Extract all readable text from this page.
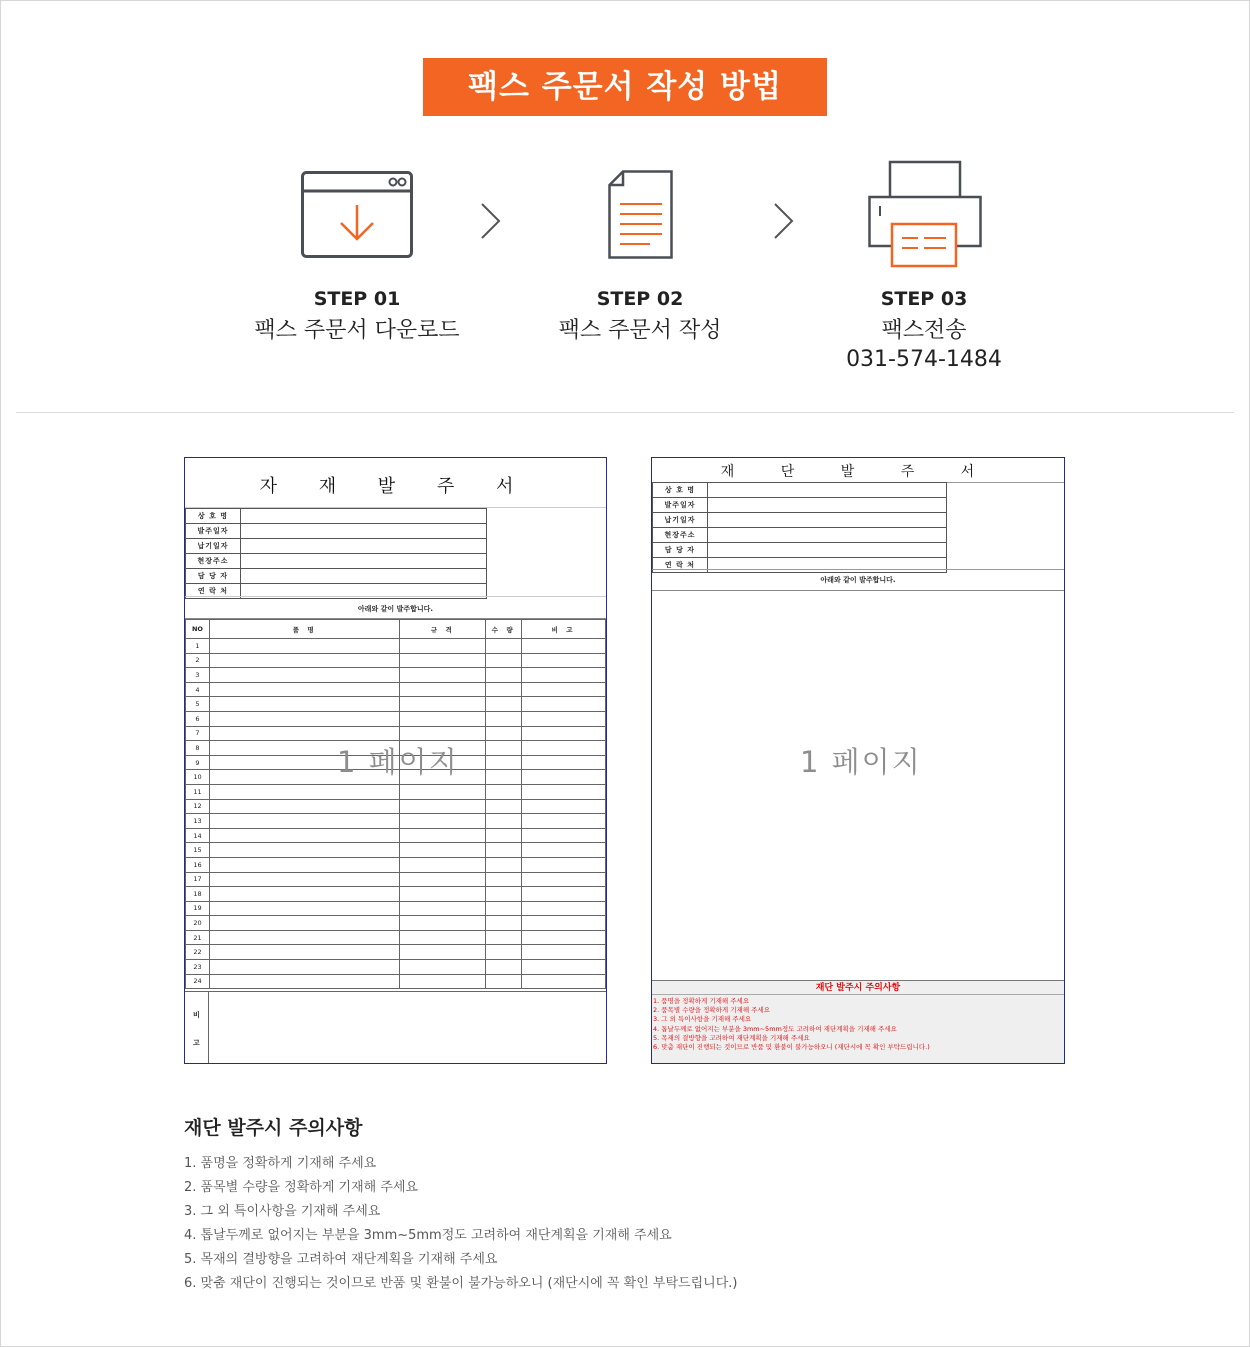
팩스 주문서 작성 방법
STEP 01
팩스 주문서 다운로드
STEP 02
팩스 주문서 작성
STEP 03
팩스전송
031-574-1484
자 재 발 주 서
상 호 명	
발주일자	
납기일자	
현장주소	
담 당 자	
연 락 처	
아래와 같이 발주합니다.
NO	품 명	규 격	수 량	비 고
1				
2				
3				
4				
5				
6				
7				
8				
9				
10				
11				
12				
13				
14				
15				
16				
17				
18				
19				
20				
21				
22				
23				
24				
비
고
1 페이지
재 단 발 주 서
상 호 명	
발주일자	
납기일자	
현장주소	
담 당 자	
연 락 처	
아래와 같이 발주합니다.
1 페이지
재단 발주시 주의사항
1. 품명을 정확하게 기재해 주세요
2. 품목별 수량을 정확하게 기재해 주세요
3. 그 외 특이사항을 기재해 주세요
4. 톱날두께로 없어지는 부분을 3mm~5mm정도 고려하여 재단계획을 기재해 주세요
5. 목재의 결방향을 고려하여 재단계획을 기재해 주세요
6. 맞춤 재단이 진행되는 것이므로 반품 및 환불이 불가능하오니 (재단시에 꼭 확인 부탁드립니다.)
재단 발주시 주의사항
1. 품명을 정확하게 기재해 주세요
2. 품목별 수량을 정확하게 기재해 주세요
3. 그 외 특이사항을 기재해 주세요
4. 톱날두께로 없어지는 부분을 3mm~5mm정도 고려하여 재단계획을 기재해 주세요
5. 목재의 결방향을 고려하여 재단계획을 기재해 주세요
6. 맞춤 재단이 진행되는 것이므로 반품 및 환불이 불가능하오니 (재단시에 꼭 확인 부탁드립니다.)
